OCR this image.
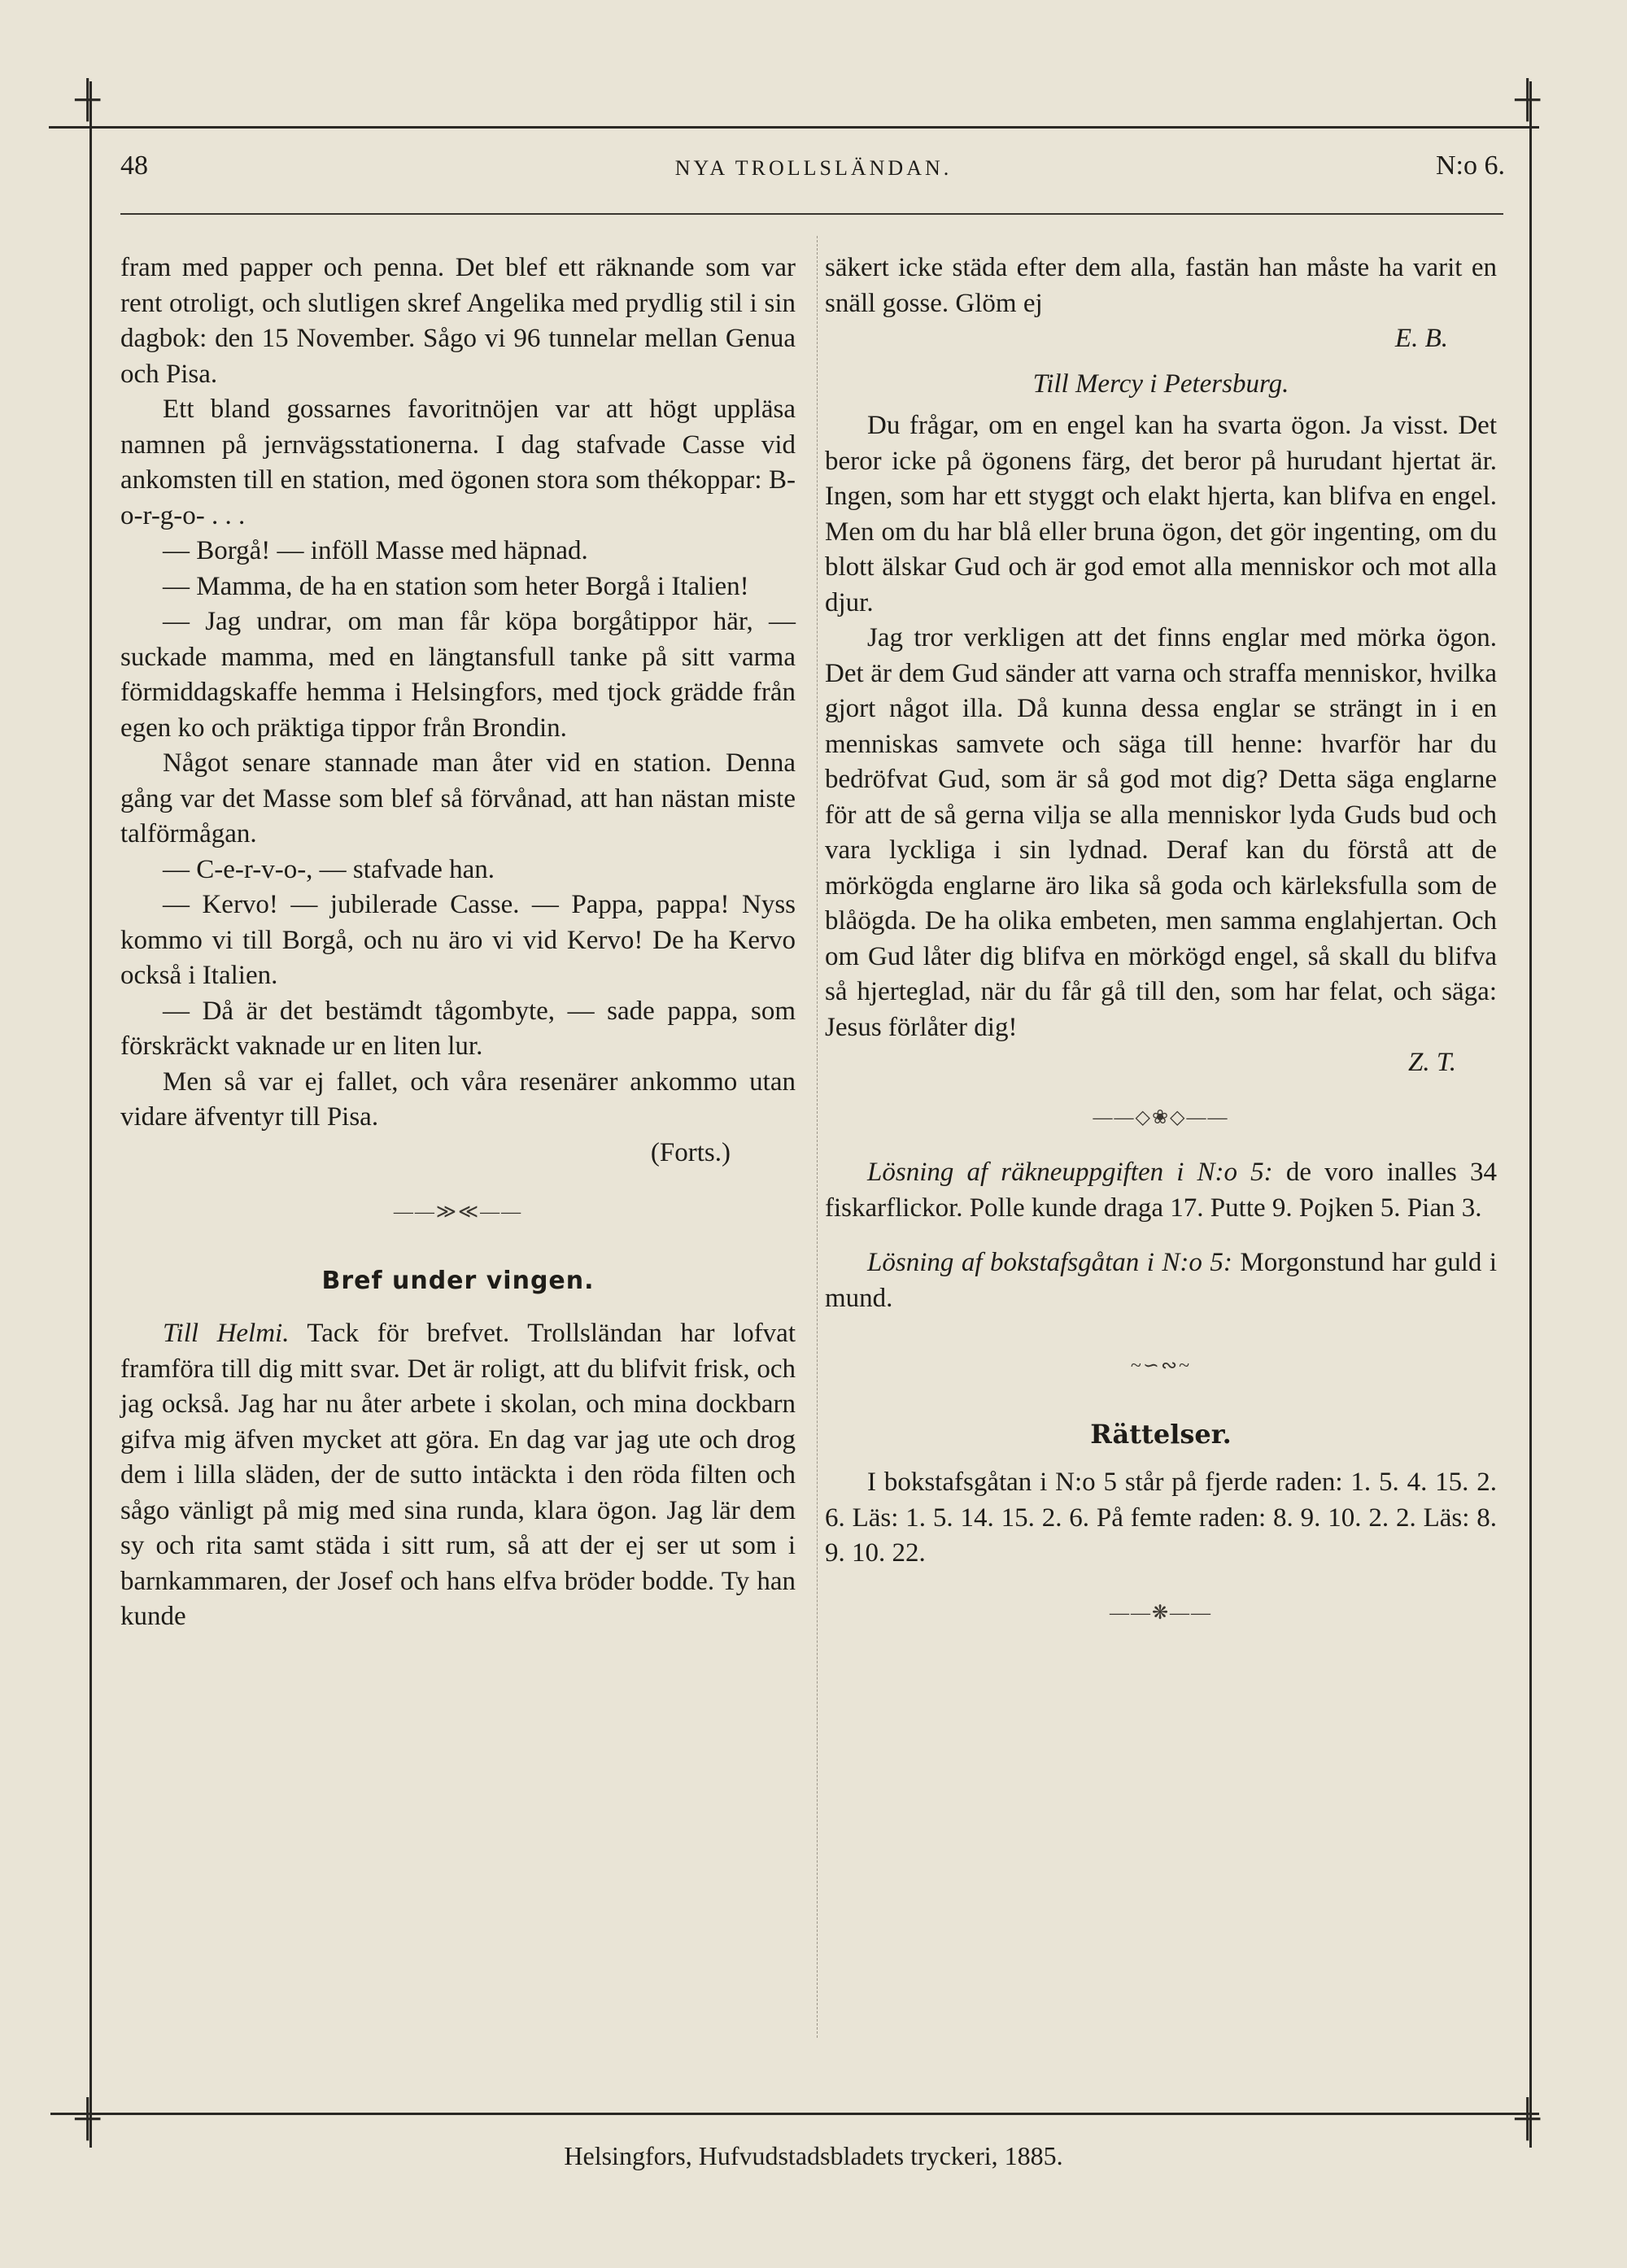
┼	┼
┼	┼
48	NYA TROLLSLÄNDAN.	N:o 6.

fram med papper och penna. Det blef ett räknande som var rent otroligt, och slutligen skref Angelika med prydlig stil i sin dagbok: den 15 November. Sågo vi 96 tunnelar mellan Genua och Pisa.

Ett bland gossarnes favoritnöjen var att högt uppläsa namnen på jernvägsstationerna. I dag stafvade Casse vid ankomsten till en station, med ögonen stora som thékoppar: B-o-r-g-o- . . .

— Borgå! — inföll Masse med häpnad.

— Mamma, de ha en station som heter Borgå i Italien!

— Jag undrar, om man får köpa borgåtippor här, — suckade mamma, med en längtansfull tanke på sitt varma förmiddagskaffe hemma i Helsingfors, med tjock grädde från egen ko och präktiga tippor från Brondin.

Något senare stannade man åter vid en station. Denna gång var det Masse som blef så förvånad, att han nästan miste talförmågan.

— C-e-r-v-o-, — stafvade han.

— Kervo! — jubilerade Casse. — Pappa, pappa! Nyss kommo vi till Borgå, och nu äro vi vid Kervo! De ha Kervo också i Italien.

— Då är det bestämdt tågombyte, — sade pappa, som förskräckt vaknade ur en liten lur.

Men så var ej fallet, och våra resenärer ankommo utan vidare äfventyr till Pisa.

(Forts.)

——≫≪——
Bref under vingen.

Till Helmi. Tack för brefvet. Trollsländan har lofvat framföra till dig mitt svar. Det är roligt, att du blifvit frisk, och jag också. Jag har nu åter arbete i skolan, och mina dockbarn gifva mig äfven mycket att göra. En dag var jag ute och drog dem i lilla släden, der de sutto intäckta i den röda filten och sågo vänligt på mig med sina runda, klara ögon. Jag lär dem sy och rita samt städa i sitt rum, så att der ej ser ut som i barnkammaren, der Josef och hans elfva bröder bodde. Ty han kunde

säkert icke städa efter dem alla, fastän han måste ha varit en snäll gosse. Glöm ej

E. B.

Till Mercy i Petersburg.

Du frågar, om en engel kan ha svarta ögon. Ja visst. Det beror icke på ögonens färg, det beror på hurudant hjertat är. Ingen, som har ett styggt och elakt hjerta, kan blifva en engel. Men om du har blå eller bruna ögon, det gör ingenting, om du blott älskar Gud och är god emot alla menniskor och mot alla djur.

Jag tror verkligen att det finns englar med mörka ögon. Det är dem Gud sänder att varna och straffa menniskor, hvilka gjort något illa. Då kunna dessa englar se strängt in i en menniskas samvete och säga till henne: hvarför har du bedröfvat Gud, som är så god mot dig? Detta säga englarne för att de så gerna vilja se alla menniskor lyda Guds bud och vara lyckliga i sin lydnad. Deraf kan du förstå att de mörkögda englarne äro lika så goda och kärleksfulla som de blåögda. De ha olika embeten, men samma englahjertan. Och om Gud låter dig blifva en mörkögd engel, så skall du blifva så hjerteglad, när du får gå till den, som har felat, och säga: Jesus förlåter dig!

Z. T.

——◇❀◇——

Lösning af räkneuppgiften i N:o 5: de voro inalles 34 fiskarflickor. Polle kunde draga 17. Putte 9. Pojken 5. Pian 3.

Lösning af bokstafsgåtan i N:o 5: Morgonstund har guld i mund.

~∽∾~
Rättelser.

I bokstafsgåtan i N:o 5 står på fjerde raden: 1. 5. 4. 15. 2. 6. Läs: 1. 5. 14. 15. 2. 6. På femte raden: 8. 9. 10. 2. 2. Läs: 8. 9. 10. 22.

——❋——
Helsingfors, Hufvudstadsbladets tryckeri, 1885.
